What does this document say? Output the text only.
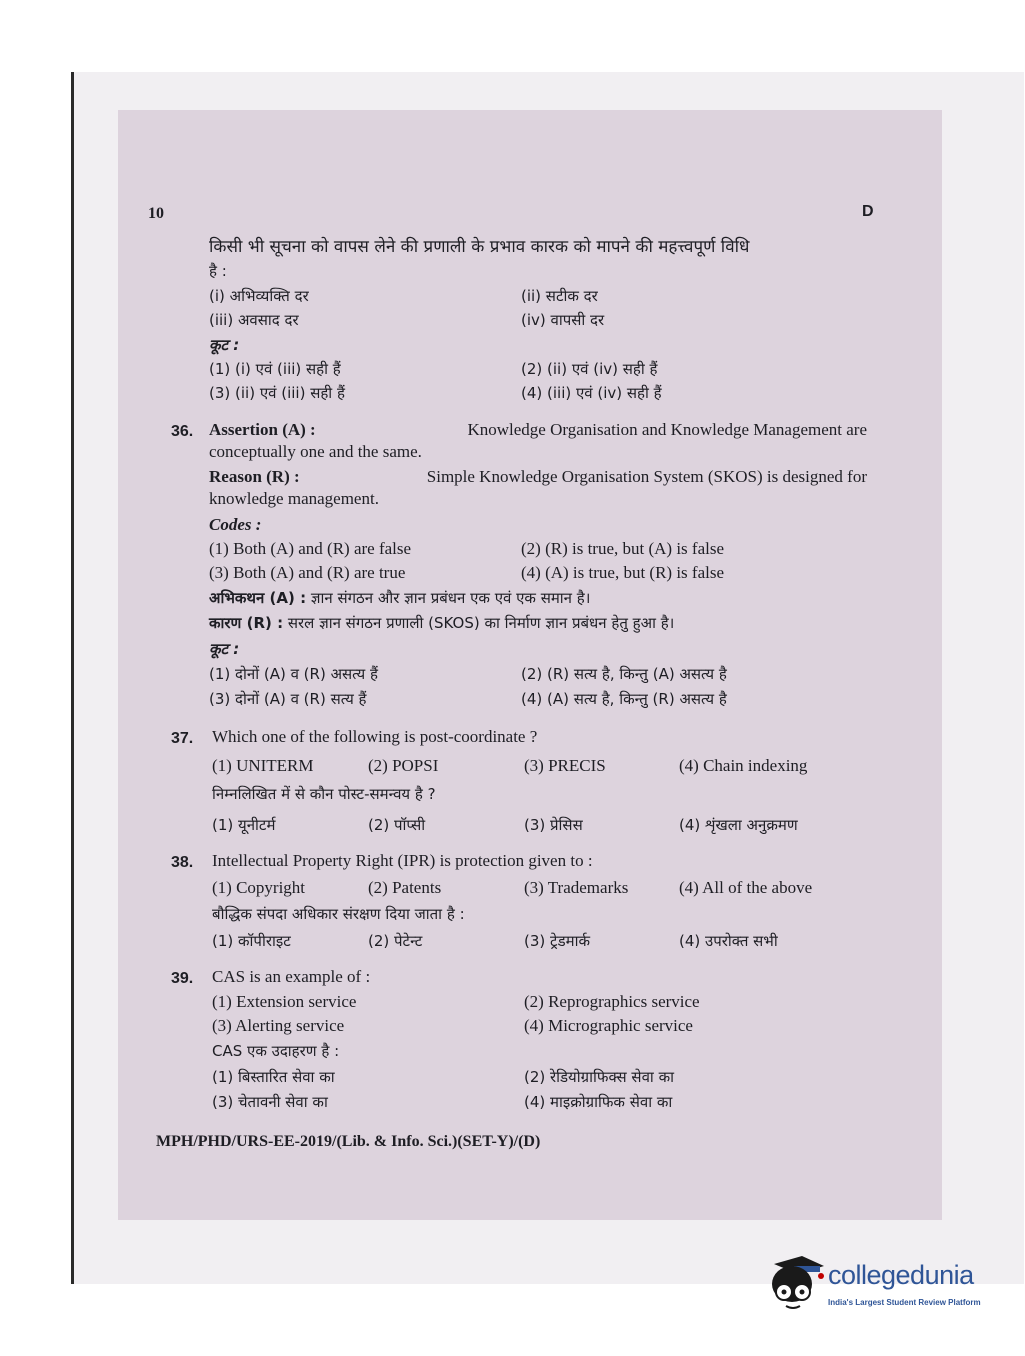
10	D
किसी भी सूचना को वापस लेने की प्रणाली के प्रभाव कारक को मापने की महत्त्वपूर्ण विधि
है :
(i) अभिव्यक्ति दर	(ii) सटीक दर
(iii) अवसाद दर	(iv) वापसी दर
कूट :
(1) (i) एवं (iii) सही हैं	(2) (ii) एवं (iv) सही हैं
(3) (ii) एवं (iii) सही हैं	(4) (iii) एवं (iv) सही हैं
36. Assertion (A) :	Knowledge Organisation and Knowledge Management are
conceptually one and the same.
Reason (R) :	Simple Knowledge Organisation System (SKOS) is designed for
knowledge management.
Codes :
(1) Both (A) and (R) are false	(2) (R) is true, but (A) is false
(3) Both (A) and (R) are true	(4) (A) is true, but (R) is false
अभिकथन (A) : ज्ञान संगठन और ज्ञान प्रबंधन एक एवं एक समान है।
कारण (R) : सरल ज्ञान संगठन प्रणाली (SKOS) का निर्माण ज्ञान प्रबंधन हेतु हुआ है।
कूट :
(1) दोनों (A) व (R) असत्य हैं	(2) (R) सत्य है, किन्तु (A) असत्य है
(3) दोनों (A) व (R) सत्य हैं	(4) (A) सत्य है, किन्तु (R) असत्य है
37. Which one of the following is post-coordinate ?
(1) UNITERM	(2) POPSI	(3) PRECIS	(4) Chain indexing
निम्नलिखित में से कौन पोस्ट-समन्वय है ?
(1) यूनीटर्म	(2) पॉप्सी	(3) प्रेसिस	(4) शृंखला अनुक्रमण
38. Intellectual Property Right (IPR) is protection given to :
(1) Copyright	(2) Patents	(3) Trademarks	(4) All of the above
बौद्धिक संपदा अधिकार संरक्षण दिया जाता है :
(1) कॉपीराइट	(2) पेटेन्ट	(3) ट्रेडमार्क	(4) उपरोक्त सभी
39. CAS is an example of :
(1) Extension service	(2) Reprographics service
(3) Alerting service	(4) Micrographic service
CAS एक उदाहरण है :
(1) बिस्तारित सेवा का	(2) रेडियोग्राफिक्स सेवा का
(3) चेतावनी सेवा का	(4) माइक्रोग्राफिक सेवा का
MPH/PHD/URS-EE-2019/(Lib. & Info. Sci.)(SET-Y)/(D)
collegedunia
India's Largest Student Review Platform
